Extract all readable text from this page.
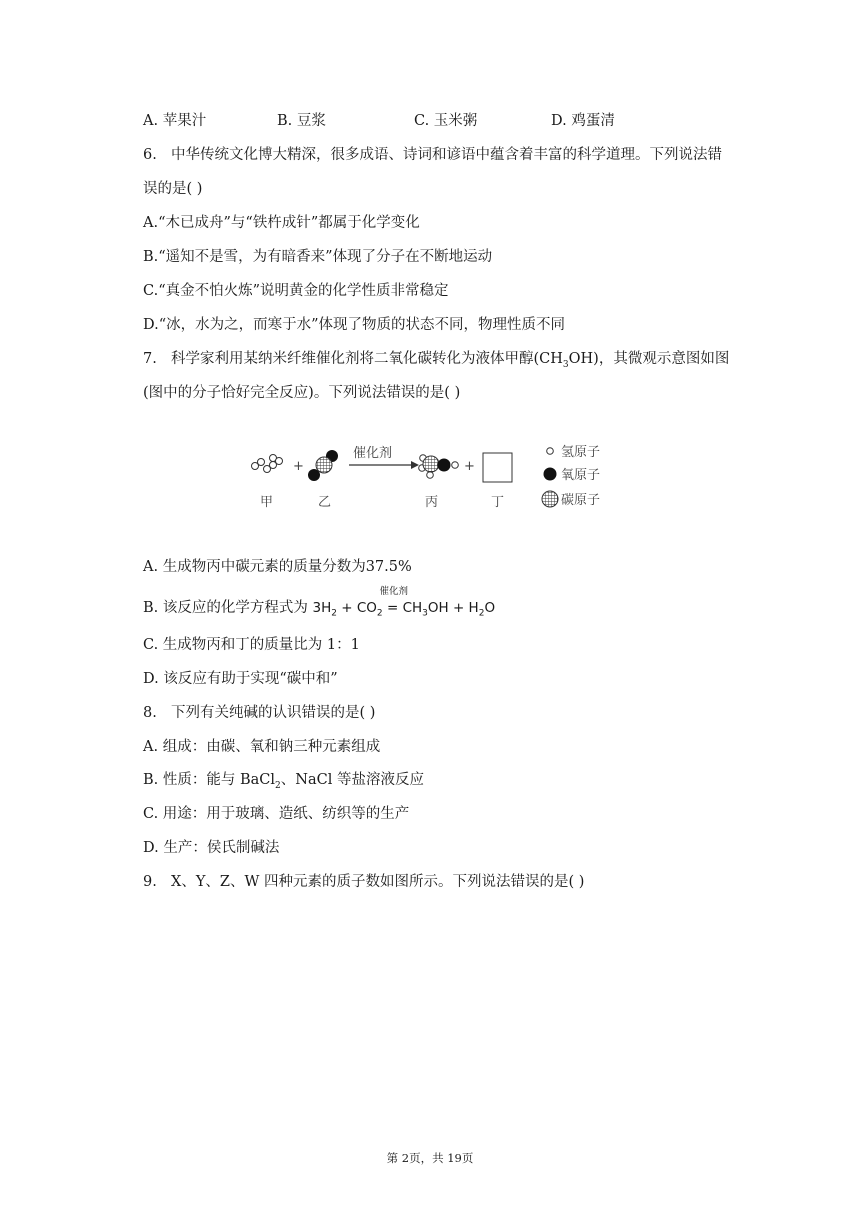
A. 苹果汁	B. 豆浆	C. 玉米粥	D. 鸡蛋清
6. 中华传统文化博大精深，很多成语、诗词和谚语中蕴含着丰富的科学道理。下列说法错
误的是( )
A.“木已成舟”与“铁杵成针”都属于化学变化
B.“遥知不是雪，为有暗香来”体现了分子在不断地运动
C.“真金不怕火炼”说明黄金的化学性质非常稳定
D.“冰，水为之，而寒于水”体现了物质的状态不同，物理性质不同
7. 科学家利用某纳米纤维催化剂将二氧化碳转化为液体甲醇$(CH_3OH)$，其微观示意图如图
(图中的分子恰好完全反应)。下列说法错误的是( )
+
催化剂
+
甲	乙	丙	丁
氢原子
氧原子
碳原子
A. 生成物丙中碳元素的质量分数为37.5%
B. 该反应的化学方程式为
催化剂
$3H_2 + CO_2 = CH_3OH + H_2O$
C. 生成物丙和丁的质量比为 1：1
D. 该反应有助于实现“碳中和”
8. 下列有关纯碱的认识错误的是( )
A. 组成：由碳、氧和钠三种元素组成
B. 性质：能与 BaCl$_2$、NaCl 等盐溶液反应
C. 用途：用于玻璃、造纸、纺织等的生产
D. 生产：侯氏制碱法
9. X、Y、Z、W 四种元素的质子数如图所示。下列说法错误的是( )
第 2页，共 19页
